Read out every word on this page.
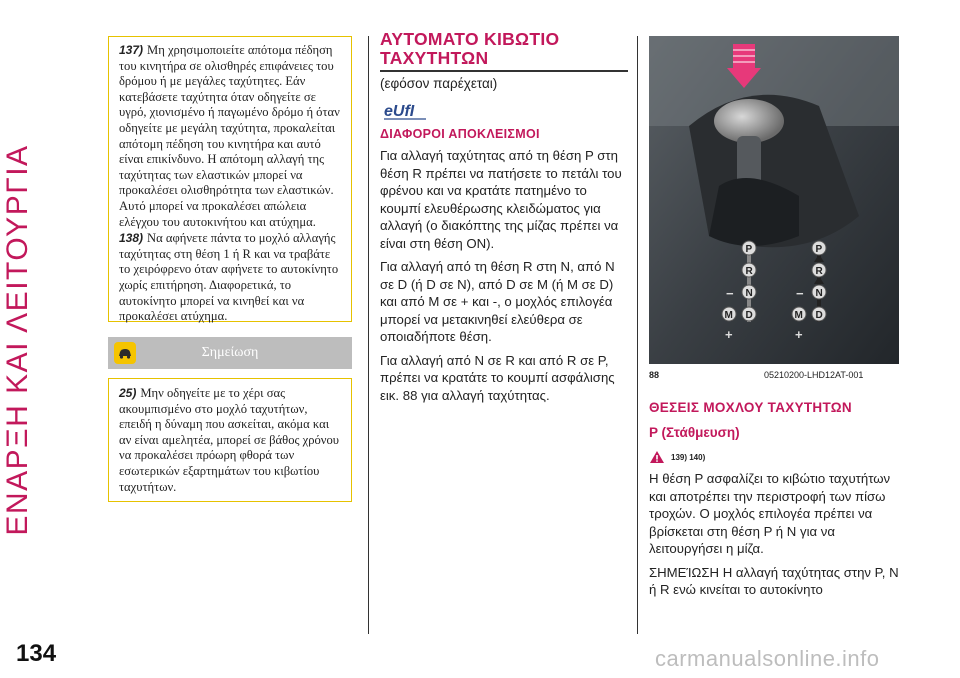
ΕΝΑΡΞΗ ΚΑΙ ΛΕΙΤΟΥΡΓΙΑ

137) Μη χρησιμοποιείτε απότομα πέδηση του κινητήρα σε ολισθηρές επιφάνειες του δρόμου ή με μεγάλες ταχύτητες. Εάν κατεβάσετε ταχύτητα όταν οδηγείτε σε υγρό, χιονισμένο ή παγωμένο δρόμο ή όταν οδηγείτε με μεγάλη ταχύτητα, προκαλείται απότομη πέδηση του κινητήρα και αυτό είναι επικίνδυνο. Η απότομη αλλαγή της ταχύτητας των ελαστικών μπορεί να προκαλέσει ολισθηρότητα των ελαστικών. Αυτό μπορεί να προκαλέσει απώλεια ελέγχου του αυτοκινήτου και ατύχημα.

138) Να αφήνετε πάντα το μοχλό αλλαγής ταχύτητας στη θέση 1 ή R και να τραβάτε το χειρόφρενο όταν αφήνετε το αυτοκίνητο χωρίς επιτήρηση. Διαφορετικά, το αυτοκίνητο μπορεί να κινηθεί και να προκαλέσει ατύχημα.

Σημείωση

25) Μην οδηγείτε με το χέρι σας ακουμπισμένο στο μοχλό ταχυτήτων, επειδή η δύναμη που ασκείται, ακόμα και αν είναι αμελητέα, μπορεί σε βάθος χρόνου να προκαλέσει πρόωρη φθορά των εσωτερικών εξαρτημάτων του κιβωτίου ταχυτήτων.

ΑΥΤΟΜΑΤΟ ΚΙΒΩΤΙΟ
ΤΑΧΥΤΗΤΩΝ
(εφόσον παρέχεται)
eUfI
ΔΙΑΦΟΡΟΙ ΑΠΟΚΛΕΙΣΜΟΙ

Για αλλαγή ταχύτητας από τη θέση P στη θέση R πρέπει να πατήσετε το πετάλι του φρένου και να κρατάτε πατημένο το κουμπί ελευθέρωσης κλειδώματος για αλλαγή (ο διακόπτης της μίζας πρέπει να είναι στη θέση ON).

Για αλλαγή από τη θέση R στη N, από N σε D (ή D σε N), από D σε M (ή M σε D) και από M σε + και -, ο μοχλός επιλογέα μπορεί να μετακινηθεί ελεύθερα σε οποιαδήποτε θέση.

Για αλλαγή από N σε R και από R σε P, πρέπει να κρατάτε το κουμπί ασφάλισης εικ. 88 για αλλαγή ταχύτητας.

P
R
N
D
M
+
−
P
R
N
D
M
+
−
88	05210200-LHD12AT-001
ΘΕΣΕΙΣ ΜΟΧΛΟΥ ΤΑΧΥΤΗΤΩΝ
P (Στάθμευση)
139) 140)

Η θέση P ασφαλίζει το κιβώτιο ταχυτήτων και αποτρέπει την περιστροφή των πίσω τροχών. Ο μοχλός επιλογέα πρέπει να βρίσκεται στη θέση P ή N για να λειτουργήσει η μίζα.

ΣΗΜΕΊΩΣΗ Η αλλαγή ταχύτητας στην P, N ή R ενώ κινείται το αυτοκίνητο

134	carmanualsonline.info
